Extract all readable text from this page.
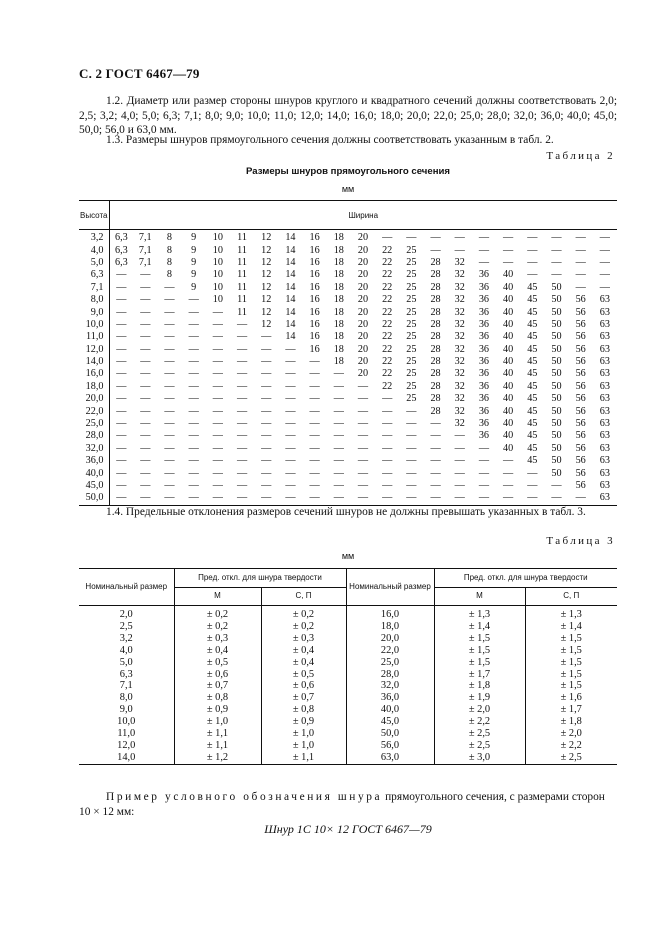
С. 2 ГОСТ 6467—79

1.2. Диаметр или размер стороны шнуров круглого и квадратного сечений должны соответствовать 2,0; 2,5; 3,2; 4,0; 5,0; 6,3; 7,1; 8,0; 9,0; 10,0; 11,0; 12,0; 14,0; 16,0; 18,0; 20,0; 22,0; 25,0; 28,0; 32,0; 36,0; 40,0; 45,0; 50,0; 56,0 и 63,0 мм.

1.3. Размеры шнуров прямоугольного сечения должны соответствовать указанным в табл. 2.

Таблица 2
Размеры шнуров прямоугольного сечения
мм
Высота	Ширина																				
3,2	6,3	7,1	8	9	10	11	12	14	16	18	20	—	—	—	—	—	—	—	—	—	—
4,0	6,3	7,1	8	9	10	11	12	14	16	18	20	22	25	—	—	—	—	—	—	—	—
5,0	6,3	7,1	8	9	10	11	12	14	16	18	20	22	25	28	32	—	—	—	—	—	—
6,3	—	—	8	9	10	11	12	14	16	18	20	22	25	28	32	36	40	—	—	—	—
7,1	—	—	—	9	10	11	12	14	16	18	20	22	25	28	32	36	40	45	50	—	—
8,0	—	—	—	—	10	11	12	14	16	18	20	22	25	28	32	36	40	45	50	56	63
9,0	—	—	—	—	—	11	12	14	16	18	20	22	25	28	32	36	40	45	50	56	63
10,0	—	—	—	—	—	—	12	14	16	18	20	22	25	28	32	36	40	45	50	56	63
11,0	—	—	—	—	—	—	—	14	16	18	20	22	25	28	32	36	40	45	50	56	63
12,0	—	—	—	—	—	—	—	—	16	18	20	22	25	28	32	36	40	45	50	56	63
14,0	—	—	—	—	—	—	—	—	—	18	20	22	25	28	32	36	40	45	50	56	63
16,0	—	—	—	—	—	—	—	—	—	—	20	22	25	28	32	36	40	45	50	56	63
18,0	—	—	—	—	—	—	—	—	—	—	—	22	25	28	32	36	40	45	50	56	63
20,0	—	—	—	—	—	—	—	—	—	—	—	—	25	28	32	36	40	45	50	56	63
22,0	—	—	—	—	—	—	—	—	—	—	—	—	—	28	32	36	40	45	50	56	63
25,0	—	—	—	—	—	—	—	—	—	—	—	—	—	—	32	36	40	45	50	56	63
28,0	—	—	—	—	—	—	—	—	—	—	—	—	—	—	—	36	40	45	50	56	63
32,0	—	—	—	—	—	—	—	—	—	—	—	—	—	—	—	—	40	45	50	56	63
36,0	—	—	—	—	—	—	—	—	—	—	—	—	—	—	—	—	—	45	50	56	63
40,0	—	—	—	—	—	—	—	—	—	—	—	—	—	—	—	—	—	—	50	56	63
45,0	—	—	—	—	—	—	—	—	—	—	—	—	—	—	—	—	—	—	—	56	63
50,0	—	—	—	—	—	—	—	—	—	—	—	—	—	—	—	—	—	—	—	—	63

1.4. Предельные отклонения размеров сечений шнуров не должны превышать указанных в табл. 3.

Таблица 3
мм
Номинальный размер	Пред. откл. для шнура твердости		Номинальный размер	Пред. откл. для шнура твердости	
	М	С, П		М	С, П
2,0	± 0,2	± 0,2	16,0	± 1,3	± 1,3
2,5	± 0,2	± 0,2	18,0	± 1,4	± 1,4
3,2	± 0,3	± 0,3	20,0	± 1,5	± 1,5
4,0	± 0,4	± 0,4	22,0	± 1,5	± 1,5
5,0	± 0,5	± 0,4	25,0	± 1,5	± 1,5
6,3	± 0,6	± 0,5	28,0	± 1,7	± 1,5
7,1	± 0,7	± 0,6	32,0	± 1,8	± 1,5
8,0	± 0,8	± 0,7	36,0	± 1,9	± 1,6
9,0	± 0,9	± 0,8	40,0	± 2,0	± 1,7
10,0	± 1,0	± 0,9	45,0	± 2,2	± 1,8
11,0	± 1,1	± 1,0	50,0	± 2,5	± 2,0
12,0	± 1,1	± 1,0	56,0	± 2,5	± 2,2
14,0	± 1,2	± 1,1	63,0	± 3,0	± 2,5

Пример условного обозначения шнура прямоугольного сечения, с размерами сторон 10 × 12 мм:

Шнур 1С 10× 12 ГОСТ 6467—79
